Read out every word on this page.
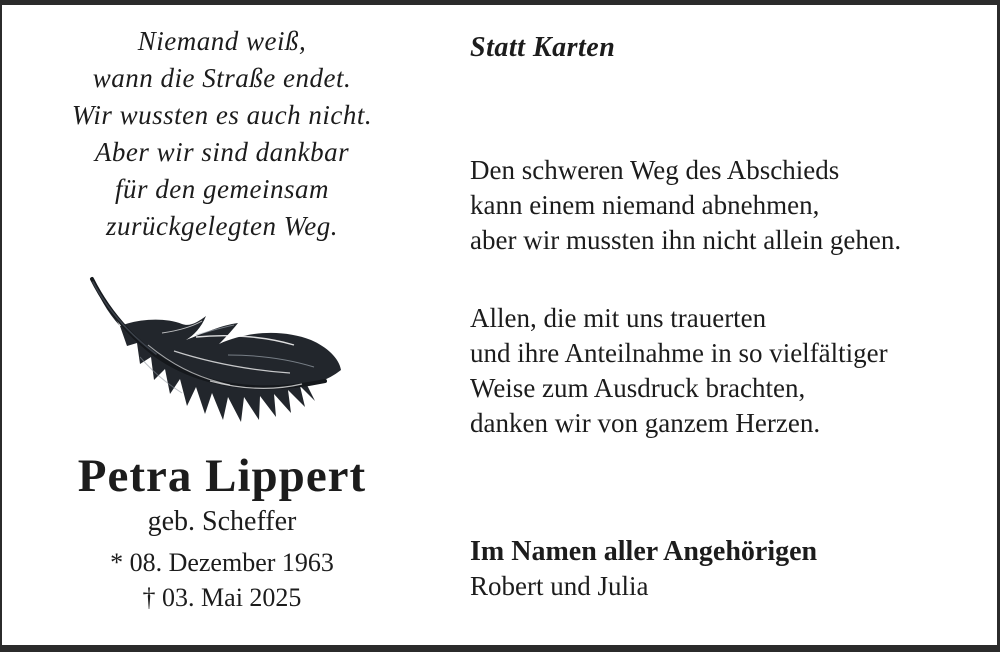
Niemand weiß,
wann die Straße endet.
Wir wussten es auch nicht.
Aber wir sind dankbar
für den gemeinsam
zurückgelegten Weg.
Petra Lippert
geb. Scheffer
* 08. Dezember 1963
† 03. Mai 2025
Statt Karten
Den schweren Weg des Abschieds
kann einem niemand abnehmen,
aber wir mussten ihn nicht allein gehen.
Allen, die mit uns trauerten
und ihre Anteilnahme in so vielfältiger
Weise zum Ausdruck brachten,
danken wir von ganzem Herzen.
Im Namen aller Angehörigen
Robert und Julia
